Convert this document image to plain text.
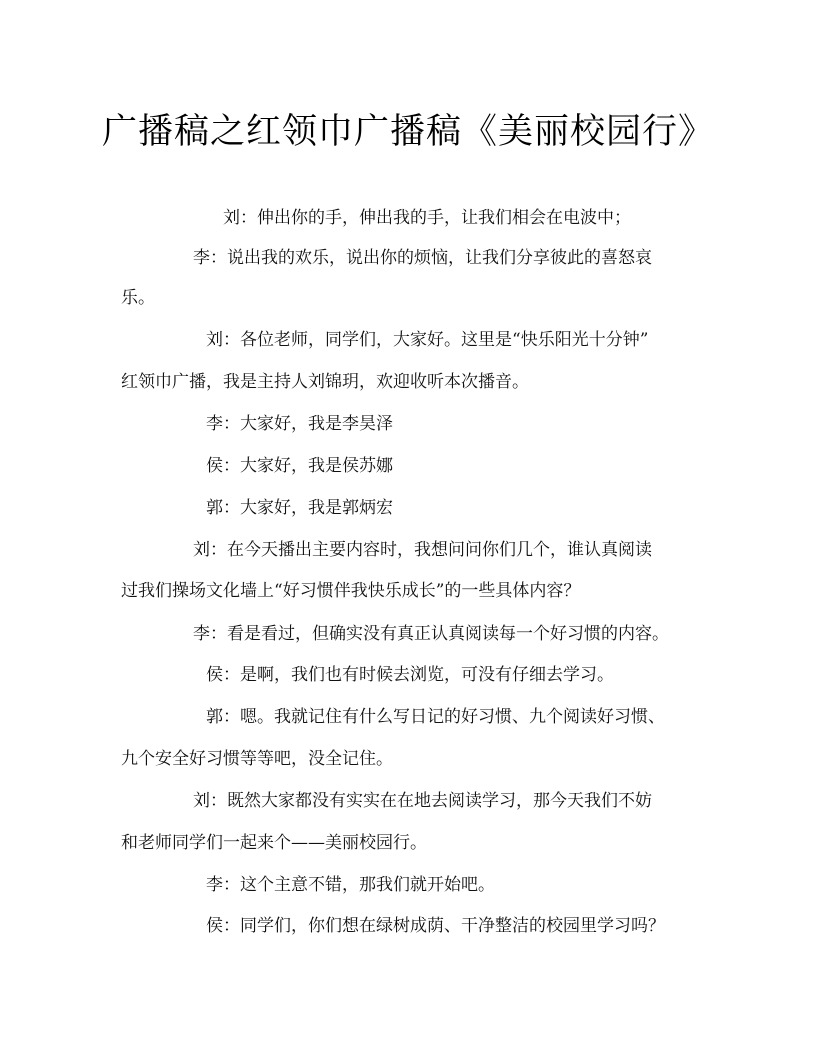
广播稿之红领巾广播稿《美丽校园行》
刘：伸出你的手，伸出我的手，让我们相会在电波中；
李：说出我的欢乐，说出你的烦恼，让我们分享彼此的喜怒哀
乐。
刘：各位老师，同学们，大家好。这里是“快乐阳光十分钟”
红领巾广播，我是主持人刘锦玥，欢迎收听本次播音。
李：大家好，我是李昊泽
侯：大家好，我是侯苏娜
郭：大家好，我是郭炳宏
刘：在今天播出主要内容时，我想问问你们几个，谁认真阅读
过我们操场文化墙上“好习惯伴我快乐成长”的一些具体内容？
李：看是看过，但确实没有真正认真阅读每一个好习惯的内容。
侯：是啊，我们也有时候去浏览，可没有仔细去学习。
郭：嗯。我就记住有什么写日记的好习惯、九个阅读好习惯、
九个安全好习惯等等吧，没全记住。
刘：既然大家都没有实实在在地去阅读学习，那今天我们不妨
和老师同学们一起来个——美丽校园行。
李：这个主意不错，那我们就开始吧。
侯：同学们，你们想在绿树成荫、干净整洁的校园里学习吗？
